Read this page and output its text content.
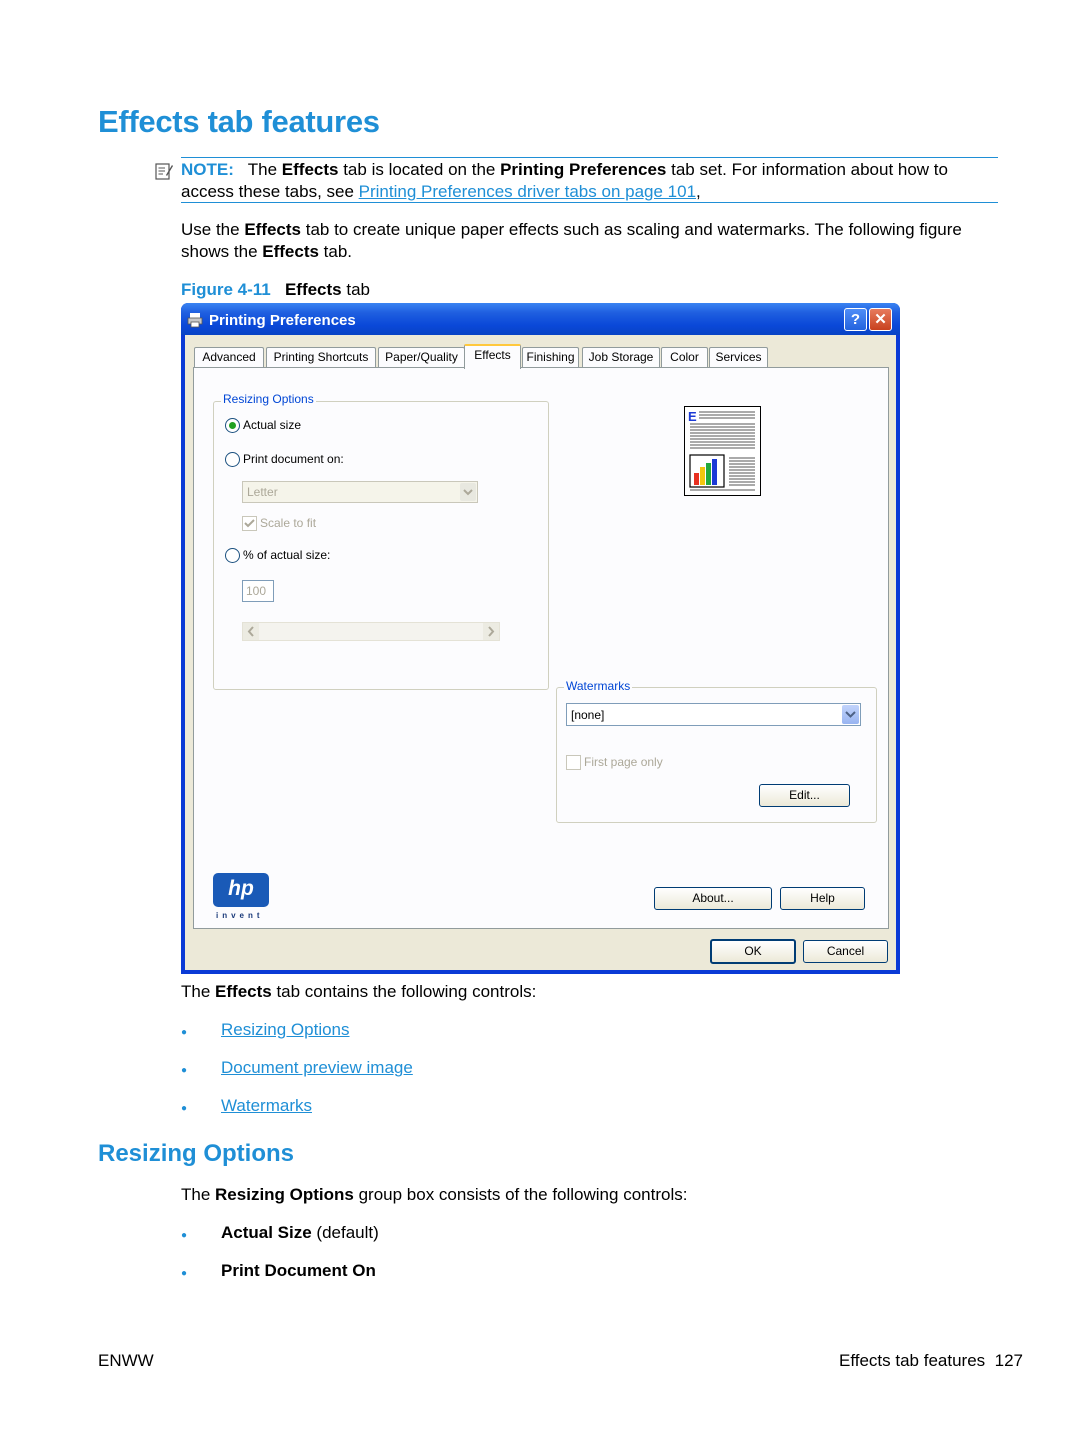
Effects tab features
NOTE: The Effects tab is located on the Printing Preferences tab set. For information about how to access these tabs, see Printing Preferences driver tabs on page 101,
Use the Effects tab to create unique paper effects such as scaling and watermarks. The following figure shows the Effects tab.
Figure 4-11 Effects tab
Printing Preferences	? ✕
Advanced	Printing Shortcuts	Paper/Quality	Effects	Finishing	Job Storage	Color	Services
Resizing Options
Actual size
Print document on:
Letter
Scale to fit
% of actual size:
100
E
Watermarks
[none]
First page only
Edit...
hp
invent
About...	Help
OK	Cancel
The Effects tab contains the following controls:
● Resizing Options
● Document preview image
● Watermarks
Resizing Options
The Resizing Options group box consists of the following controls:
● Actual Size (default)
● Print Document On
ENWW	Effects tab features 127
